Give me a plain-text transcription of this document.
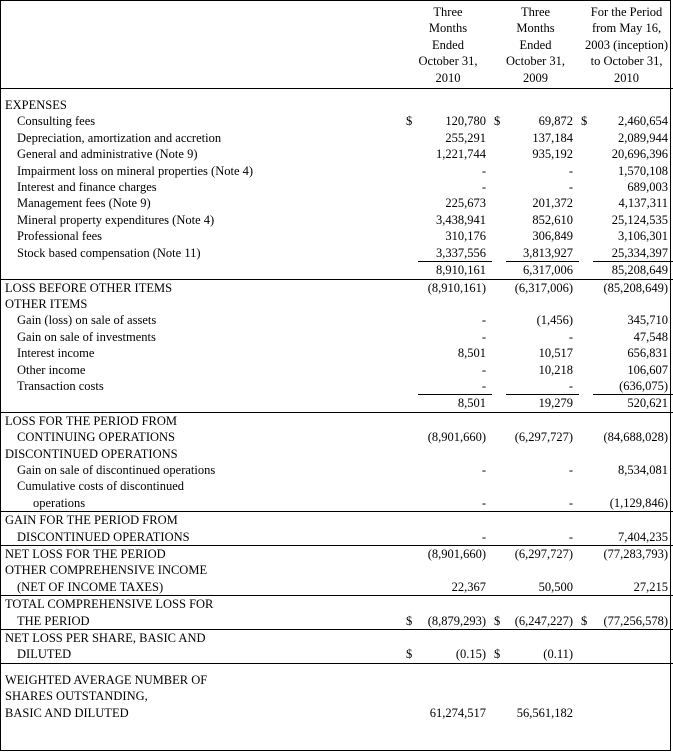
Three
Months
Ended
October 31,
2010

Three
Months
Ended
October 31,
2009

For the Period
from May 16,
2003 (inception)
to October 31,
2010

EXPENSES						
Consulting fees	$	120,780	$	69,872	$	2,460,654
Depreciation, amortization and accretion		255,291		137,184		2,089,944
General and administrative (Note 9)		1,221,744		935,192		20,696,396
Impairment loss on mineral properties (Note 4)		-		-		1,570,108
Interest and finance charges		-		-		689,003
Management fees (Note 9)		225,673		201,372		4,137,311
Mineral property expenditures (Note 4)		3,438,941		852,610		25,124,535
Professional fees		310,176		306,849		3,106,301
Stock based compensation (Note 11)		3,337,556		3,813,927		25,334,397
		8,910,161		6,317,006		85,208,649
LOSS BEFORE OTHER ITEMS		(8,910,161)		(6,317,006)		(85,208,649)
OTHER ITEMS						
Gain (loss) on sale of assets		-		(1,456)		345,710
Gain on sale of investments		-		-		47,548
Interest income		8,501		10,517		656,831
Other income		-		10,218		106,607
Transaction costs		-		-		(636,075)
		8,501		19,279		520,621
LOSS FOR THE PERIOD FROM						
CONTINUING OPERATIONS		(8,901,660)		(6,297,727)		(84,688,028)
DISCONTINUED OPERATIONS						
Gain on sale of discontinued operations		-		-		8,534,081
Cumulative costs of discontinued						
operations		-		-		(1,129,846)
GAIN FOR THE PERIOD FROM						
DISCONTINUED OPERATIONS		-		-		7,404,235
NET LOSS FOR THE PERIOD		(8,901,660)		(6,297,727)		(77,283,793)
OTHER COMPREHENSIVE INCOME						
(NET OF INCOME TAXES)		22,367		50,500		27,215
TOTAL COMPREHENSIVE LOSS FOR						
THE PERIOD	$	(8,879,293)	$	(6,247,227)	$	(77,256,578)
NET LOSS PER SHARE, BASIC AND						
DILUTED	$	(0.15)	$	(0.11)		

WEIGHTED AVERAGE NUMBER OF						
SHARES OUTSTANDING,						
BASIC AND DILUTED		61,274,517		56,561,182		
